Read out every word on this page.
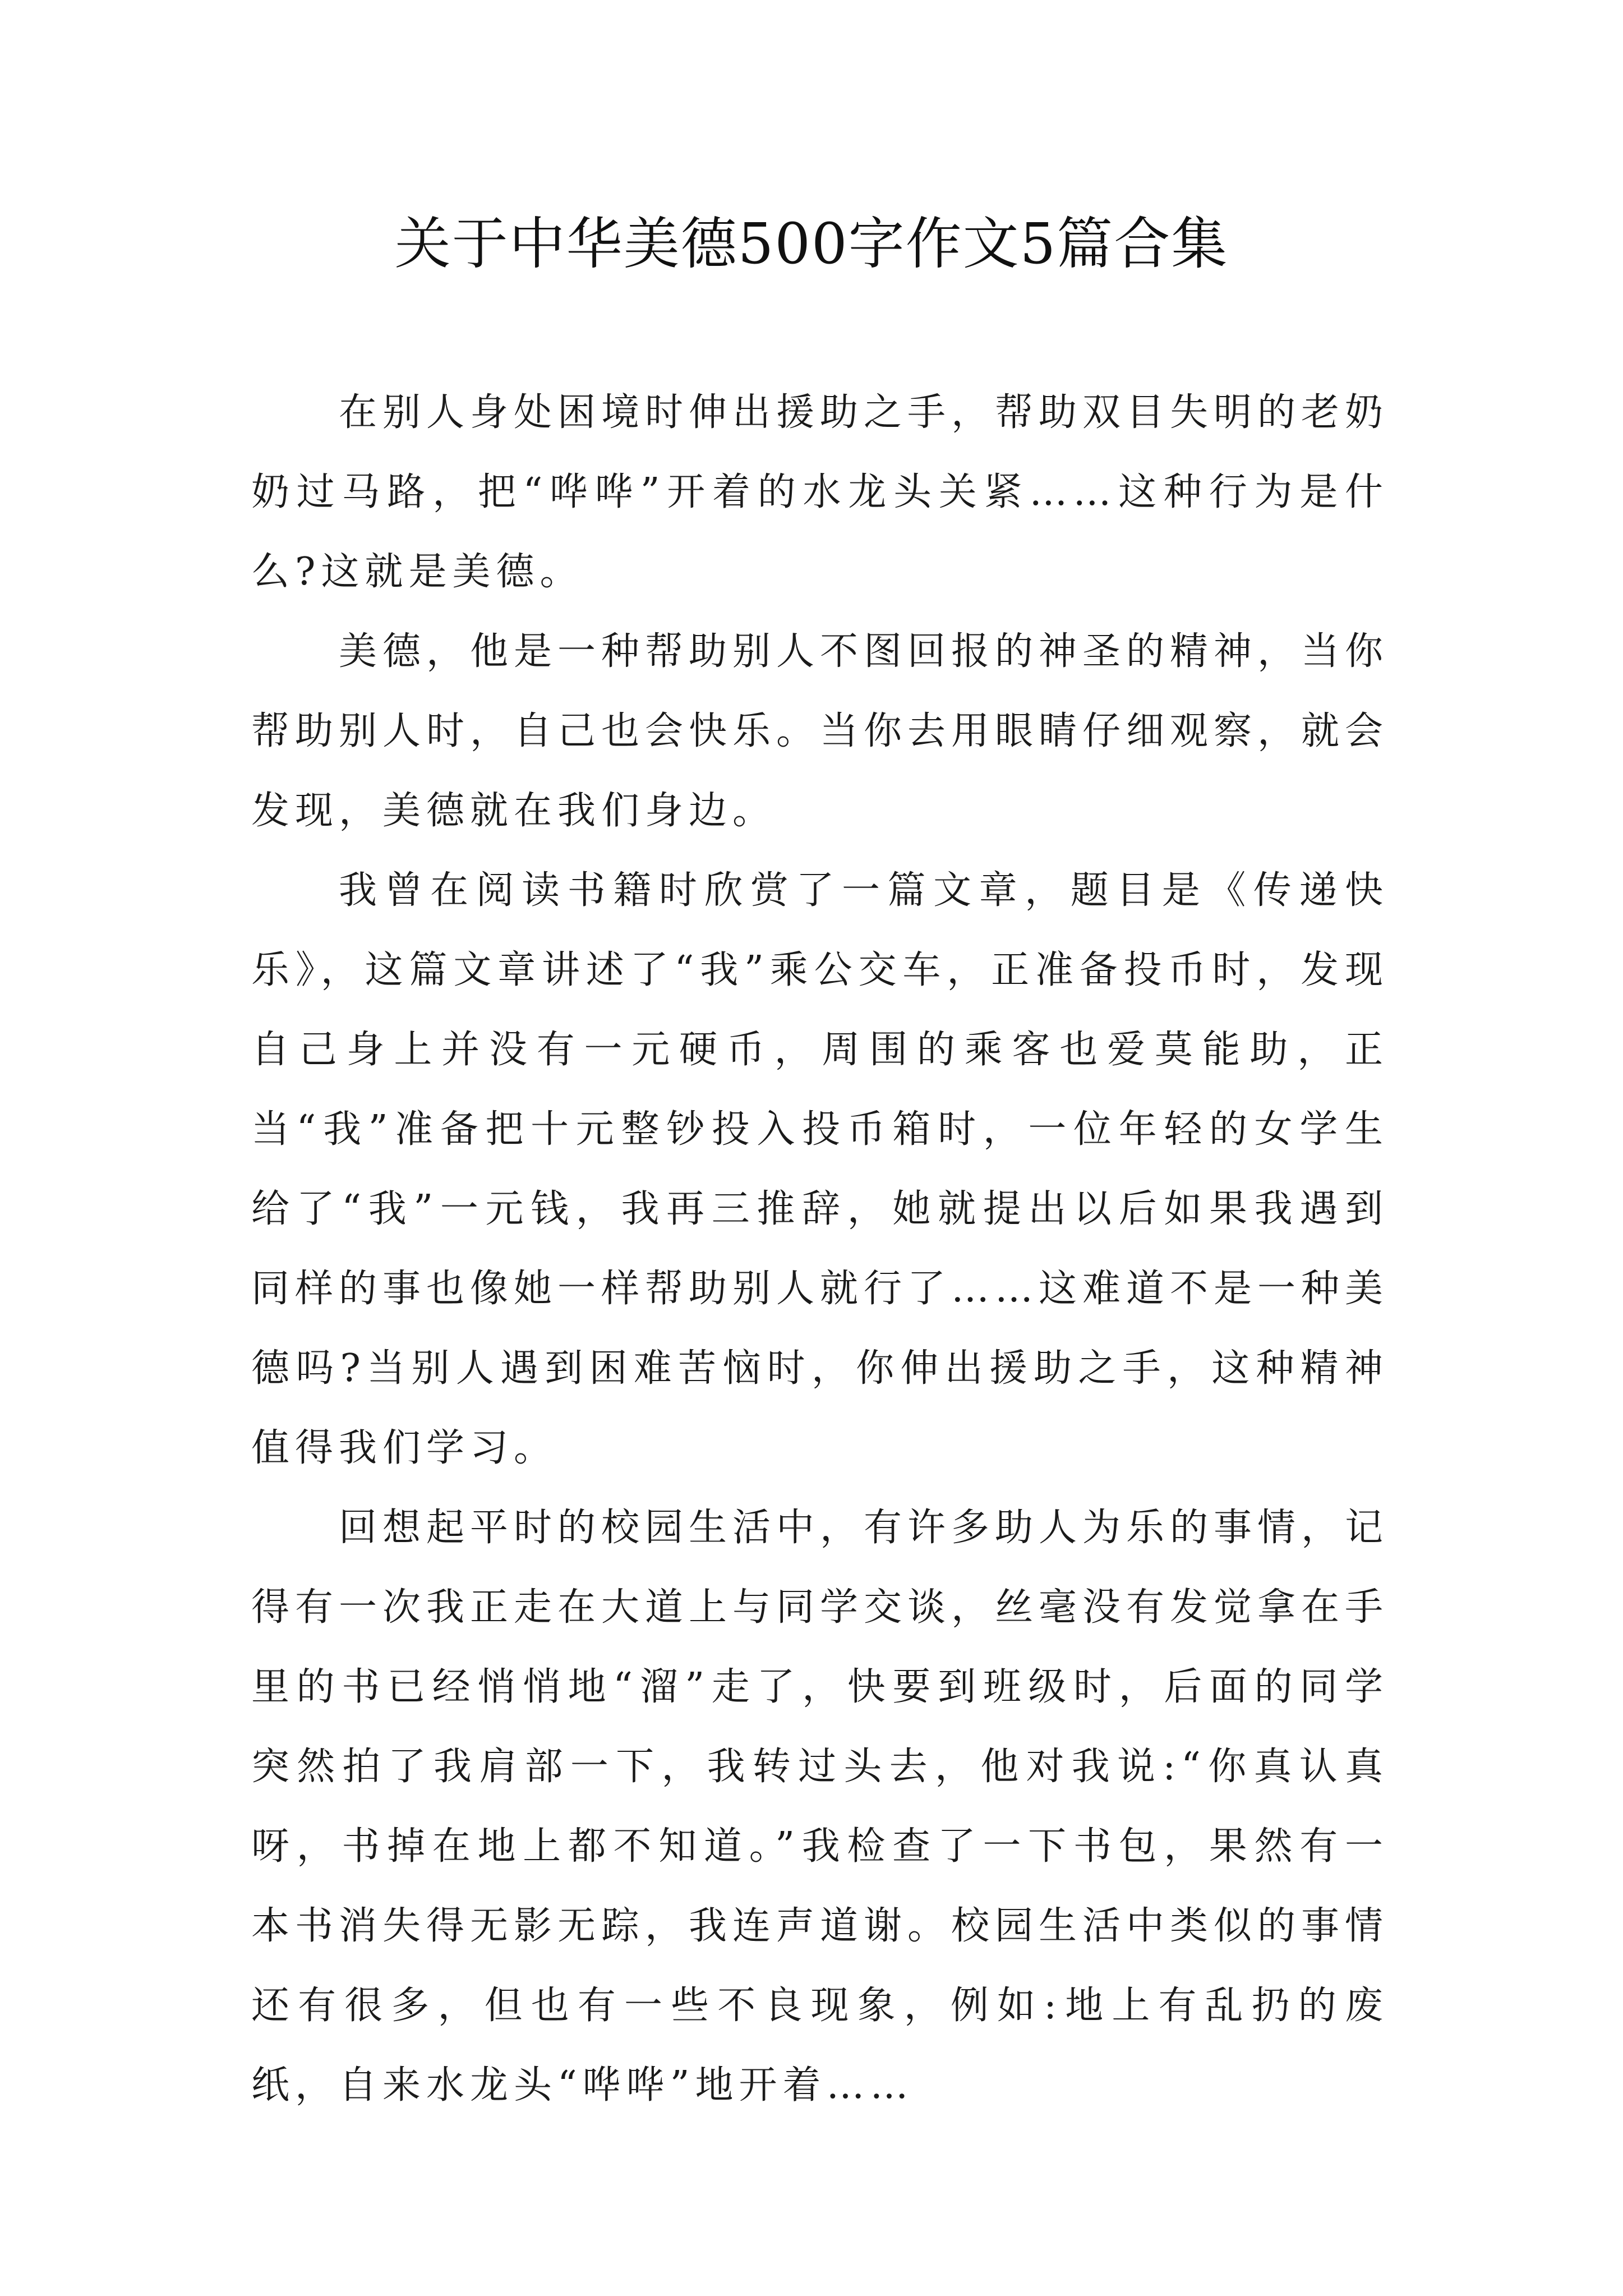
关于中华美德500字作文5篇合集

在别人身处困境时伸出援助之手，帮助双目失明的老奶奶过马路，把“哗哗”开着的水龙头关紧……这种行为是什么?这就是美德。

美德，他是一种帮助别人不图回报的神圣的精神，当你帮助别人时，自己也会快乐。当你去用眼睛仔细观察，就会发现，美德就在我们身边。

我曾在阅读书籍时欣赏了一篇文章，题目是《传递快乐》，这篇文章讲述了“我”乘公交车，正准备投币时，发现自己身上并没有一元硬币，周围的乘客也爱莫能助，正当“我”准备把十元整钞投入投币箱时，一位年轻的女学生给了“我”一元钱，我再三推辞，她就提出以后如果我遇到同样的事也像她一样帮助别人就行了……这难道不是一种美德吗?当别人遇到困难苦恼时，你伸出援助之手，这种精神值得我们学习。

回想起平时的校园生活中，有许多助人为乐的事情，记得有一次我正走在大道上与同学交谈，丝毫没有发觉拿在手里的书已经悄悄地“溜”走了，快要到班级时，后面的同学突然拍了我肩部一下，我转过头去，他对我说:“你真认真呀，书掉在地上都不知道。”我检查了一下书包，果然有一本书消失得无影无踪，我连声道谢。校园生活中类似的事情还有很多，但也有一些不良现象，例如:地上有乱扔的废纸，自来水龙头“哗哗”地开着……
